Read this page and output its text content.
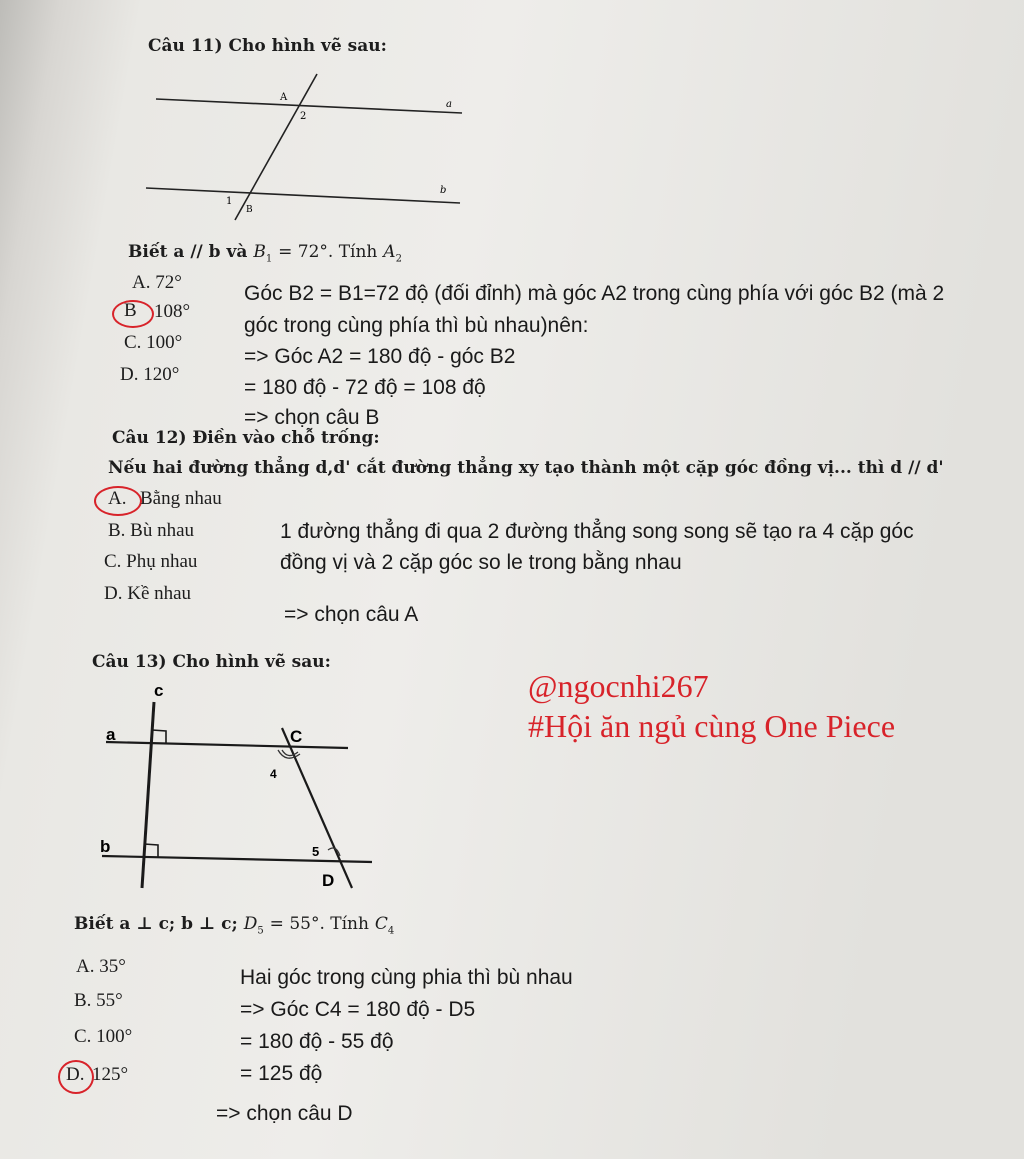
Câu 11) Cho hình vẽ sau:
A
2
a
b
1
B
Biết a // b và $B_1 = 72^\circ$. Tính $A_2$
A. 72°
B 108°
C. 100°
D. 120°
Góc B2 = B1=72 độ (đối đỉnh) mà góc A2 trong cùng phía với góc B2 (mà 2
góc trong cùng phía thì bù nhau)nên:
=> Góc A2 = 180 độ - góc B2
= 180 độ - 72 độ = 108 độ
=> chọn câu B
Câu 12) Điền vào chỗ trống:
Nếu hai đường thẳng d,d' cắt đường thẳng xy tạo thành một cặp góc đồng vị... thì d // d'
A. Bằng nhau
B. Bù nhau
C. Phụ nhau
D. Kề nhau
1 đường thẳng đi qua 2 đường thẳng song song sẽ tạo ra 4 cặp góc
đồng vị và 2 cặp góc so le trong bằng nhau
=> chọn câu A
Câu 13) Cho hình vẽ sau:
c
a	C
4
b	5
D
Biết a ⊥ c; b ⊥ c; $D_5 = 55^\circ$. Tính $C_4$
A. 35°
B. 55°
C. 100°
D. 125°
Hai góc trong cùng phia thì bù nhau
=> Góc C4 = 180 độ - D5
= 180 độ - 55 độ
= 125 độ
=> chọn câu D
@ngocnhi267
#Hội ăn ngủ cùng One Piece
